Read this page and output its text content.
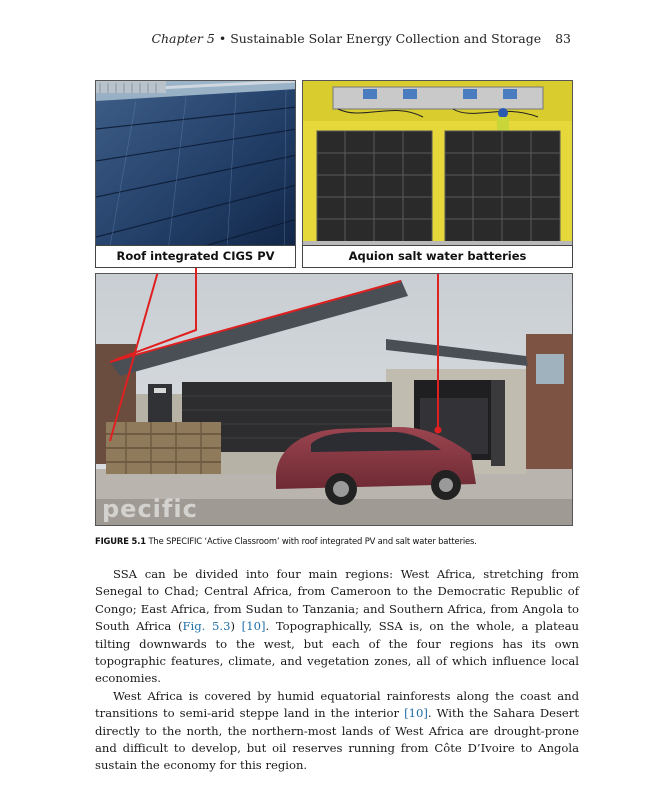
Chapter 5 • Sustainable Solar Energy Collection and Storage 83
Roof integrated CIGS PV	Aquion salt water batteries
pecific
FIGURE 5.1 The SPECIFIC ‘Active Classroom’ with roof integrated PV and salt water batteries.

SSA can be divided into four main regions: West Africa, stretching from Senegal to Chad; Central Africa, from Cameroon to the Democratic Republic of Congo; East Africa, from Sudan to Tanzania; and Southern Africa, from Angola to South Africa (Fig. 5.3) [10]. Topographically, SSA is, on the whole, a plateau tilting downwards to the west, but each of the four regions has its own topographic features, climate, and vegetation zones, all of which influence local economies.

West Africa is covered by humid equatorial rainforests along the coast and transitions to semi-arid steppe land in the interior [10]. With the Sahara Desert directly to the north, the northern-most lands of West Africa are drought-prone and difficult to develop, but oil reserves running from Côte D’Ivoire to Angola sustain the economy for this region.
